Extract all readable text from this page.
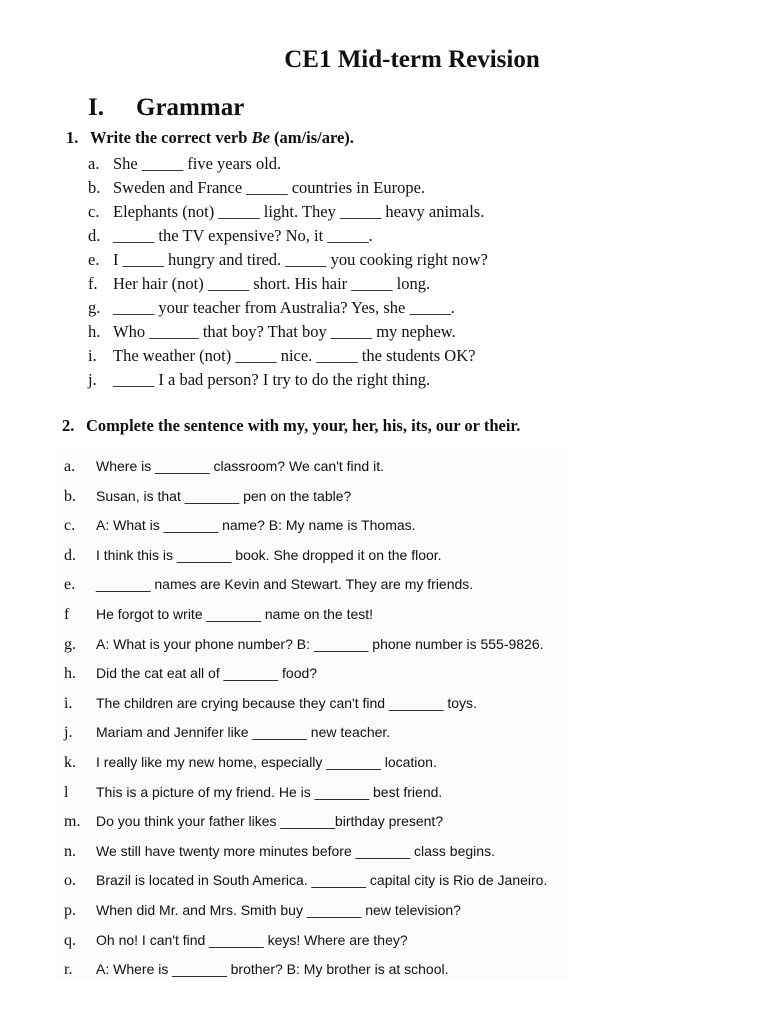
CE1 Mid-term Revision
I. Grammar
1. Write the correct verb Be (am/is/are).
a. She _____ five years old.
b. Sweden and France _____ countries in Europe.
c. Elephants (not) _____ light. They _____ heavy animals.
d. _____ the TV expensive? No, it _____.
e. I _____ hungry and tired. _____ you cooking right now?
f. Her hair (not) _____ short. His hair _____ long.
g. _____ your teacher from Australia? Yes, she _____.
h. Who ______ that boy? That boy _____ my nephew.
i. The weather (not) _____ nice. _____ the students OK?
j. _____ I a bad person? I try to do the right thing.
2. Complete the sentence with my, your, her, his, its, our or their.
a. Where is _______ classroom? We can't find it.
b. Susan, is that _______ pen on the table?
c. A: What is _______ name? B: My name is Thomas.
d. I think this is _______ book. She dropped it on the floor.
e. _______ names are Kevin and Stewart. They are my friends.
f He forgot to write _______ name on the test!
g. A: What is your phone number? B: _______ phone number is 555-9826.
h. Did the cat eat all of _______ food?
i. The children are crying because they can't find _______ toys.
j. Mariam and Jennifer like _______ new teacher.
k. I really like my new home, especially _______ location.
l This is a picture of my friend. He is _______ best friend.
m. Do you think your father likes _______birthday present?
n. We still have twenty more minutes before _______ class begins.
o. Brazil is located in South America. _______ capital city is Rio de Janeiro.
p. When did Mr. and Mrs. Smith buy _______ new television?
q. Oh no! I can't find _______ keys! Where are they?
r. A: Where is _______ brother? B: My brother is at school.
